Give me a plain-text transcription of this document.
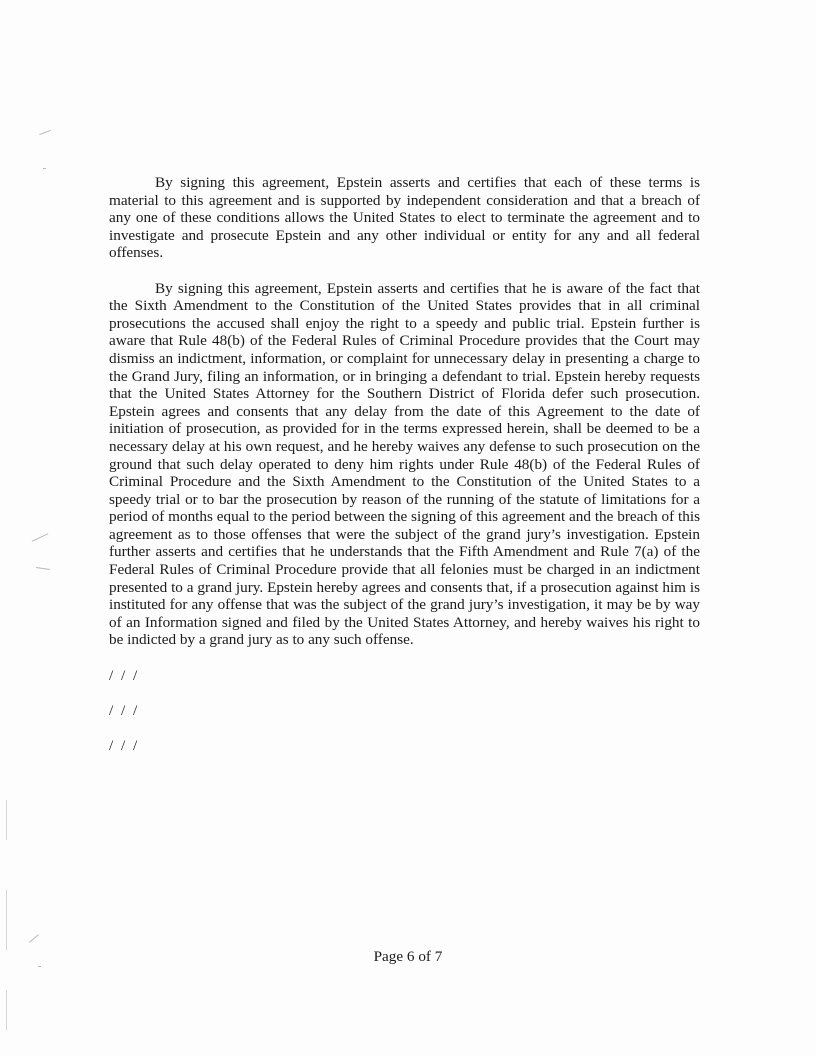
By signing this agreement, Epstein asserts and certifies that each of these terms is material to this agreement and is supported by independent consideration and that a breach of any one of these conditions allows the United States to elect to terminate the agreement and to investigate and prosecute Epstein and any other individual or entity for any and all federal offenses.

By signing this agreement, Epstein asserts and certifies that he is aware of the fact that the Sixth Amendment to the Constitution of the United States provides that in all criminal prosecutions the accused shall enjoy the right to a speedy and public trial. Epstein further is aware that Rule 48(b) of the Federal Rules of Criminal Procedure provides that the Court may dismiss an indictment, information, or complaint for unnecessary delay in presenting a charge to the Grand Jury, filing an information, or in bringing a defendant to trial. Epstein hereby requests that the United States Attorney for the Southern District of Florida defer such prosecution. Epstein agrees and consents that any delay from the date of this Agreement to the date of initiation of prosecution, as provided for in the terms expressed herein, shall be deemed to be a necessary delay at his own request, and he hereby waives any defense to such prosecution on the ground that such delay operated to deny him rights under Rule 48(b) of the Federal Rules of Criminal Procedure and the Sixth Amendment to the Constitution of the United States to a speedy trial or to bar the prosecution by reason of the running of the statute of limitations for a period of months equal to the period between the signing of this agreement and the breach of this agreement as to those offenses that were the subject of the grand jury’s investigation. Epstein further asserts and certifies that he understands that the Fifth Amendment and Rule 7(a) of the Federal Rules of Criminal Procedure provide that all felonies must be charged in an indictment presented to a grand jury. Epstein hereby agrees and consents that, if a prosecution against him is instituted for any offense that was the subject of the grand jury’s investigation, it may be by way of an Information signed and filed by the United States Attorney, and hereby waives his right to be indicted by a grand jury as to any such offense.

/ / /

/ / /

/ / /

Page 6 of 7
